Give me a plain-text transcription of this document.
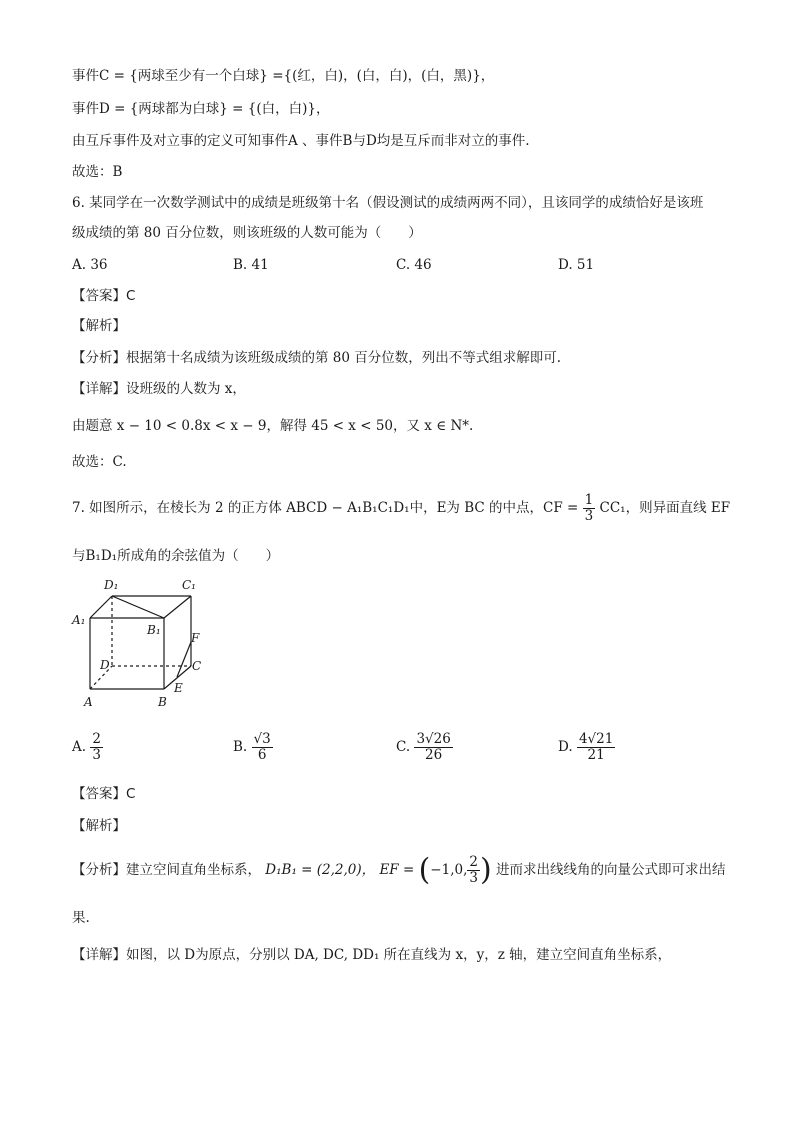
事件C = {两球至少有一个白球} ={(红，白)，(白，白)，(白，黑)}，
事件D = {两球都为白球} = {(白，白)}，
由互斥事件及对立事的定义可知事件A 、事件B与D均是互斥而非对立的事件.
故选：B
6. 某同学在一次数学测试中的成绩是班级第十名（假设测试的成绩两两不同），且该同学的成绩恰好是该班
级成绩的第 80 百分位数，则该班级的人数可能为（　　）
A. 36	B. 41	C. 46	D. 51
【答案】C
【解析】
【分析】根据第十名成绩为该班级成绩的第 80 百分位数，列出不等式组求解即可.
【详解】设班级的人数为 x，
由题意 x − 10 < 0.8x < x − 9，解得 45 < x < 50，又 x ∈ N*.
故选：C.
7. 如图所示，在棱长为 2 的正方体 ABCD − A₁B₁C₁D₁中，E为 BC 的中点，CF = $\frac{1}{3} CC_1$，则异面直线 EF
与B₁D₁所成角的余弦值为（　　）
D₁	C₁
A₁
B₁
F
D	C
E
A	B
A. $\frac{2}{3}$	B. $\frac{√3}{6}$	C. $\frac{3√26}{26}$	D. $\frac{4√21}{21}$
【答案】C
【解析】
【分析】建立空间直角坐标系， D₁B₁ = (2,2,0)， EF = (−1,0, $\frac{2}{3}$ ) 进而求出线线角的向量公式即可求出结
果.
【详解】如图，以 D为原点，分别以 DA, DC, DD₁ 所在直线为 x，y，z 轴，建立空间直角坐标系，
